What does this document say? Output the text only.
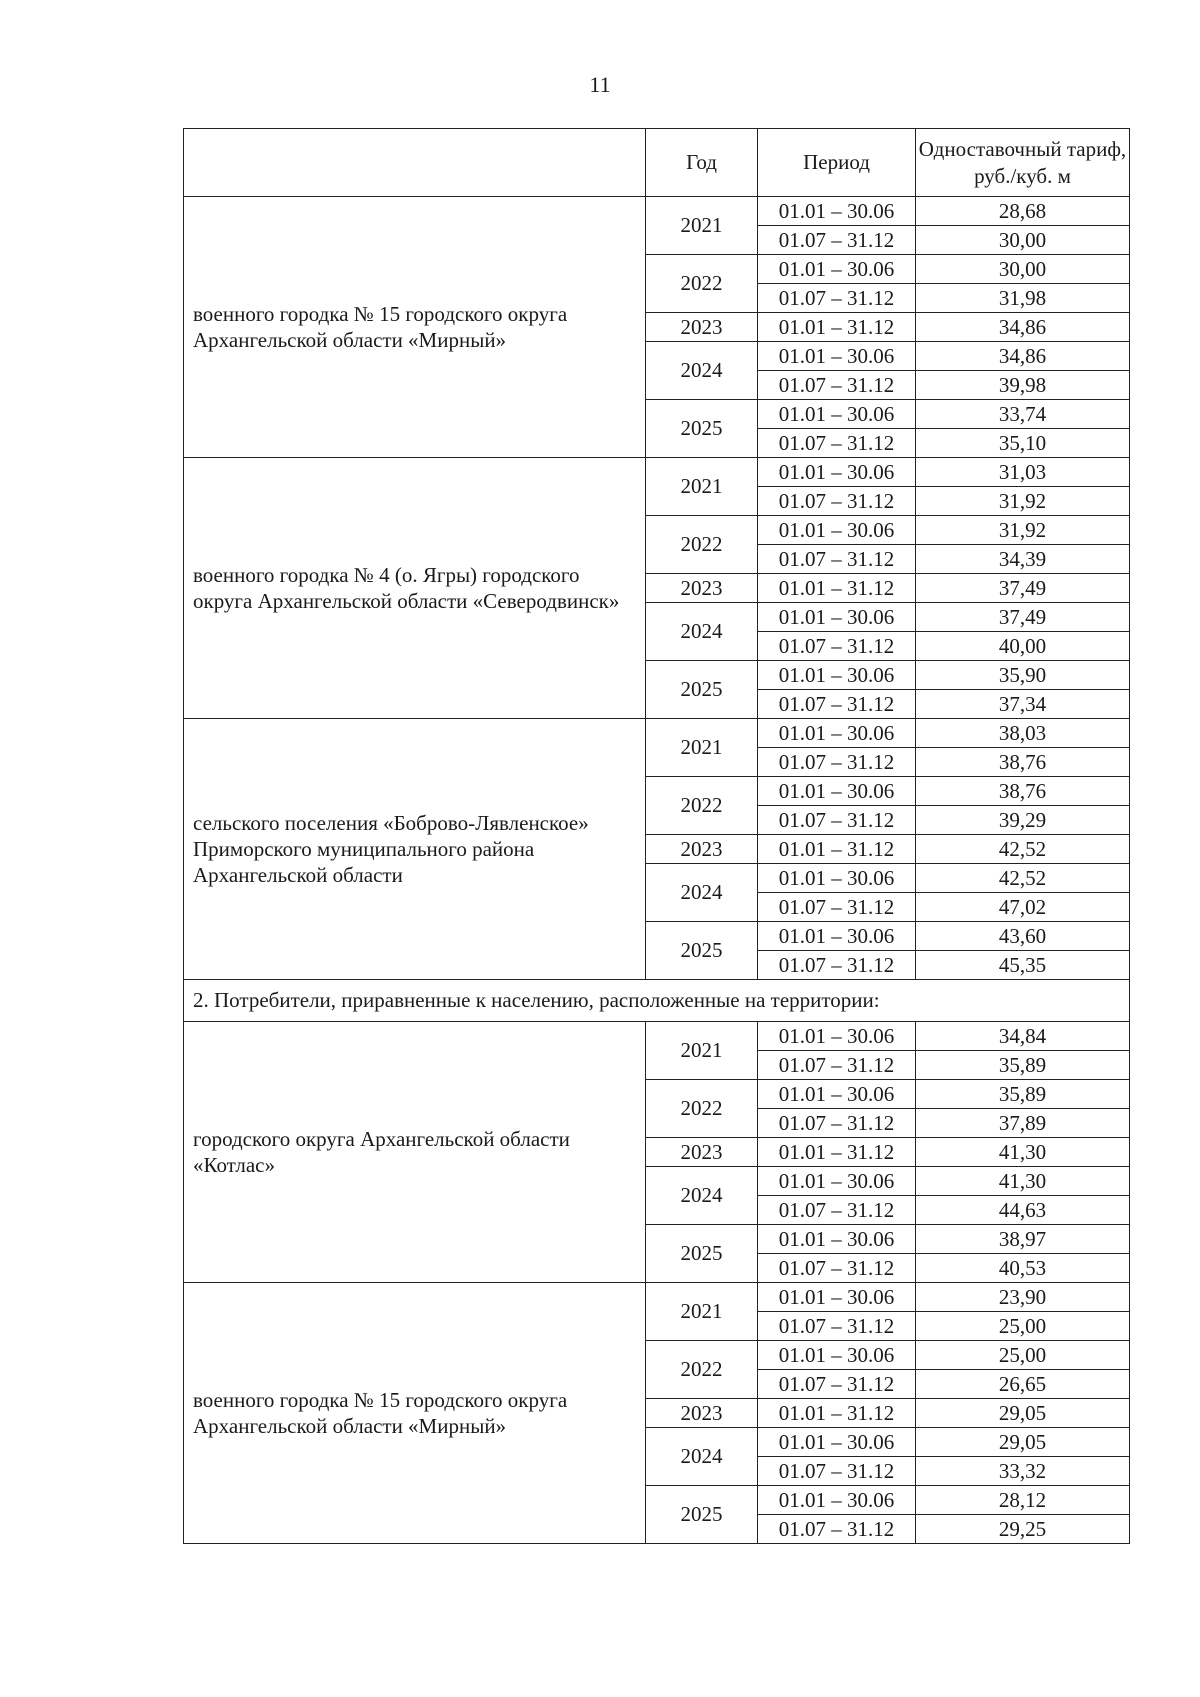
11
	Год	Период	Одноставочный тариф, руб./куб. м
военного городка № 15 городского округа Архангельской области «Мирный»	2021	01.01 – 30.06	28,68
		01.07 – 31.12	30,00
	2022	01.01 – 30.06	30,00
		01.07 – 31.12	31,98
	2023	01.01 – 31.12	34,86
	2024	01.01 – 30.06	34,86
		01.07 – 31.12	39,98
	2025	01.01 – 30.06	33,74
		01.07 – 31.12	35,10
военного городка № 4 (о. Ягры) городского округа Архангельской области «Северодвинск»	2021	01.01 – 30.06	31,03
		01.07 – 31.12	31,92
	2022	01.01 – 30.06	31,92
		01.07 – 31.12	34,39
	2023	01.01 – 31.12	37,49
	2024	01.01 – 30.06	37,49
		01.07 – 31.12	40,00
	2025	01.01 – 30.06	35,90
		01.07 – 31.12	37,34
сельского поселения «Боброво-Лявленское» Приморского муниципального района Архангельской области	2021	01.01 – 30.06	38,03
		01.07 – 31.12	38,76
	2022	01.01 – 30.06	38,76
		01.07 – 31.12	39,29
	2023	01.01 – 31.12	42,52
	2024	01.01 – 30.06	42,52
		01.07 – 31.12	47,02
	2025	01.01 – 30.06	43,60
		01.07 – 31.12	45,35
2. Потребители, приравненные к населению, расположенные на территории:			
городского округа Архангельской области «Котлас»	2021	01.01 – 30.06	34,84
		01.07 – 31.12	35,89
	2022	01.01 – 30.06	35,89
		01.07 – 31.12	37,89
	2023	01.01 – 31.12	41,30
	2024	01.01 – 30.06	41,30
		01.07 – 31.12	44,63
	2025	01.01 – 30.06	38,97
		01.07 – 31.12	40,53
военного городка № 15 городского округа Архангельской области «Мирный»	2021	01.01 – 30.06	23,90
		01.07 – 31.12	25,00
	2022	01.01 – 30.06	25,00
		01.07 – 31.12	26,65
	2023	01.01 – 31.12	29,05
	2024	01.01 – 30.06	29,05
		01.07 – 31.12	33,32
	2025	01.01 – 30.06	28,12
		01.07 – 31.12	29,25
